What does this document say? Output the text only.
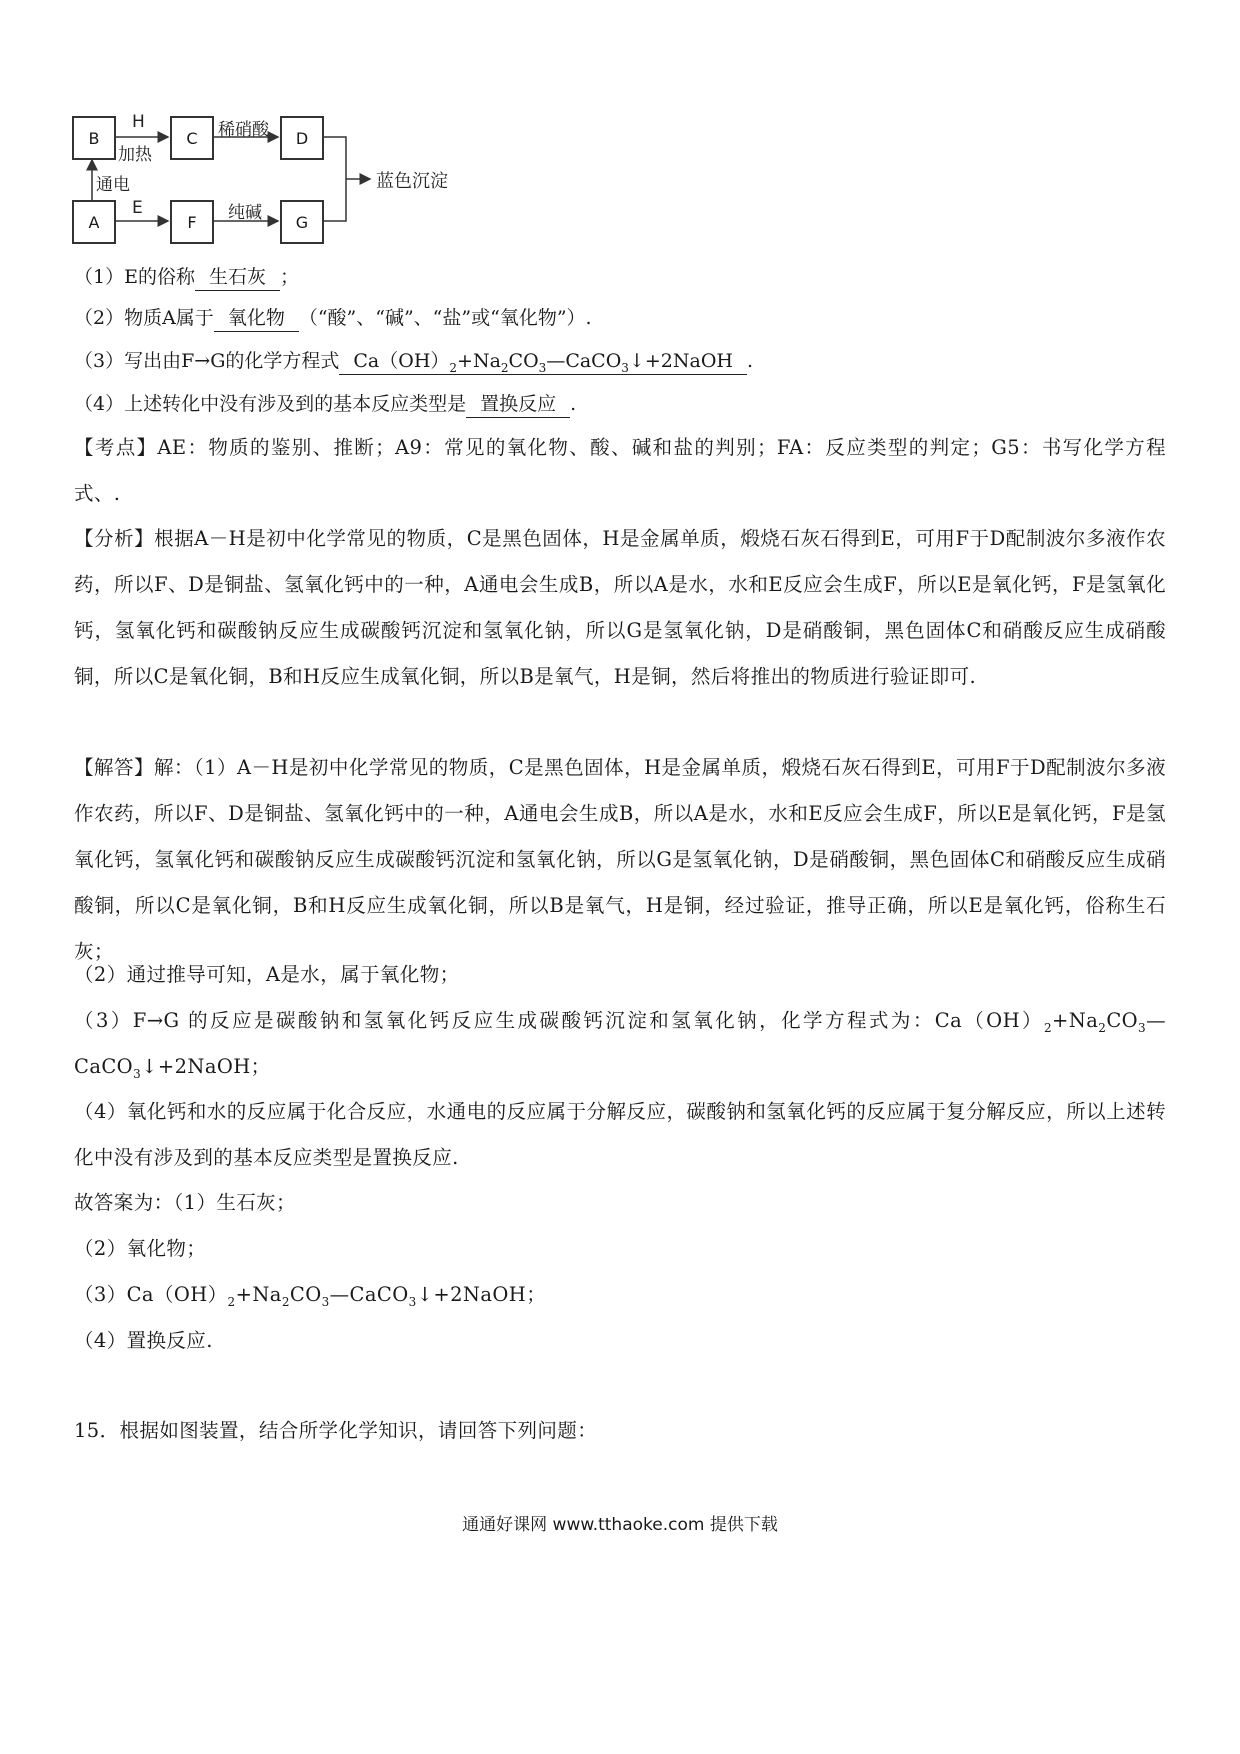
B	C	D
A	F	G
H
加热
稀硝酸
通电
E	纯碱
蓝色沉淀
（1）E的俗称 生石灰 ；
（2）物质A属于 氧化物 （“酸”、“碱”、“盐”或“氧化物”）.
（3）写出由F→G的化学方程式 $Ca(OH)_2+Na_2CO_3—CaCO_3↓+2NaOH$ .
（4）上述转化中没有涉及到的基本反应类型是 置换反应 .
【考点】AE：物质的鉴别、推断；A9：常见的氧化物、酸、碱和盐的判别；FA：反应类型的判定；G5：书写化学方程式、.
【分析】根据A－H是初中化学常见的物质，C是黑色固体，H是金属单质，煅烧石灰石得到E，可用F于D配制波尔多液作农药，所以F、D是铜盐、氢氧化钙中的一种，A通电会生成B，所以A是水，水和E反应会生成F，所以E是氧化钙，F是氢氧化钙，氢氧化钙和碳酸钠反应生成碳酸钙沉淀和氢氧化钠，所以G是氢氧化钠，D是硝酸铜，黑色固体C和硝酸反应生成硝酸铜，所以C是氧化铜，B和H反应生成氧化铜，所以B是氧气，H是铜，然后将推出的物质进行验证即可.
【解答】解：（1）A－H是初中化学常见的物质，C是黑色固体，H是金属单质，煅烧石灰石得到E，可用F于D配制波尔多液作农药，所以F、D是铜盐、氢氧化钙中的一种，A通电会生成B，所以A是水，水和E反应会生成F，所以E是氧化钙，F是氢氧化钙，氢氧化钙和碳酸钠反应生成碳酸钙沉淀和氢氧化钠，所以G是氢氧化钠，D是硝酸铜，黑色固体C和硝酸反应生成硝酸铜，所以C是氧化铜，B和H反应生成氧化铜，所以B是氧气，H是铜，经过验证，推导正确，所以E是氧化钙，俗称生石灰；
（2）通过推导可知，A是水，属于氧化物；
（3）F→G 的反应是碳酸钠和氢氧化钙反应生成碳酸钙沉淀和氢氧化钠，化学方程式为：$Ca(OH)_2+Na_2CO_3—CaCO_3↓+2NaOH$；
（4）氧化钙和水的反应属于化合反应，水通电的反应属于分解反应，碳酸钠和氢氧化钙的反应属于复分解反应，所以上述转化中没有涉及到的基本反应类型是置换反应.
故答案为：（1）生石灰；
（2）氧化物；
$(3)Ca(OH)_2+Na_2CO_3—CaCO_3↓+2NaOH$；
（4）置换反应.
15．根据如图装置，结合所学化学知识，请回答下列问题：
通通好课网 www.tthaoke.com 提供下载
